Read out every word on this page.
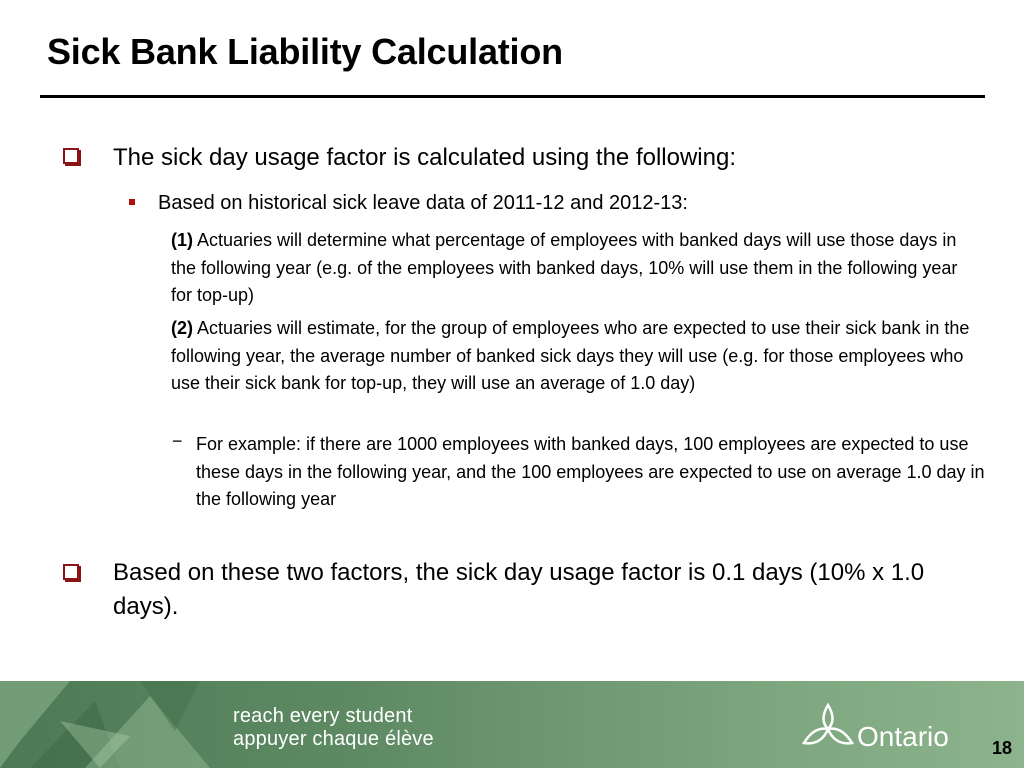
Sick Bank Liability Calculation
The sick day usage factor is calculated using the following:
Based on historical sick leave data of 2011-12 and 2012-13:
(1) Actuaries will determine what percentage of employees with banked days will use those days in the following year (e.g. of the employees with banked days, 10% will use them in the following year for top-up)
(2) Actuaries will estimate, for the group of employees who are expected to use their sick bank in the following year, the average number of banked sick days they will use (e.g. for those employees who use their sick bank for top-up, they will use an average of 1.0 day)
− For example: if there are 1000 employees with banked days, 100 employees are expected to use these days in the following year, and the 100 employees are expected to use on average 1.0 day in the following year
Based on these two factors, the sick day usage factor is 0.1 days (10% x 1.0 days).
reach every student
appuyer chaque élève	Ontario 18
